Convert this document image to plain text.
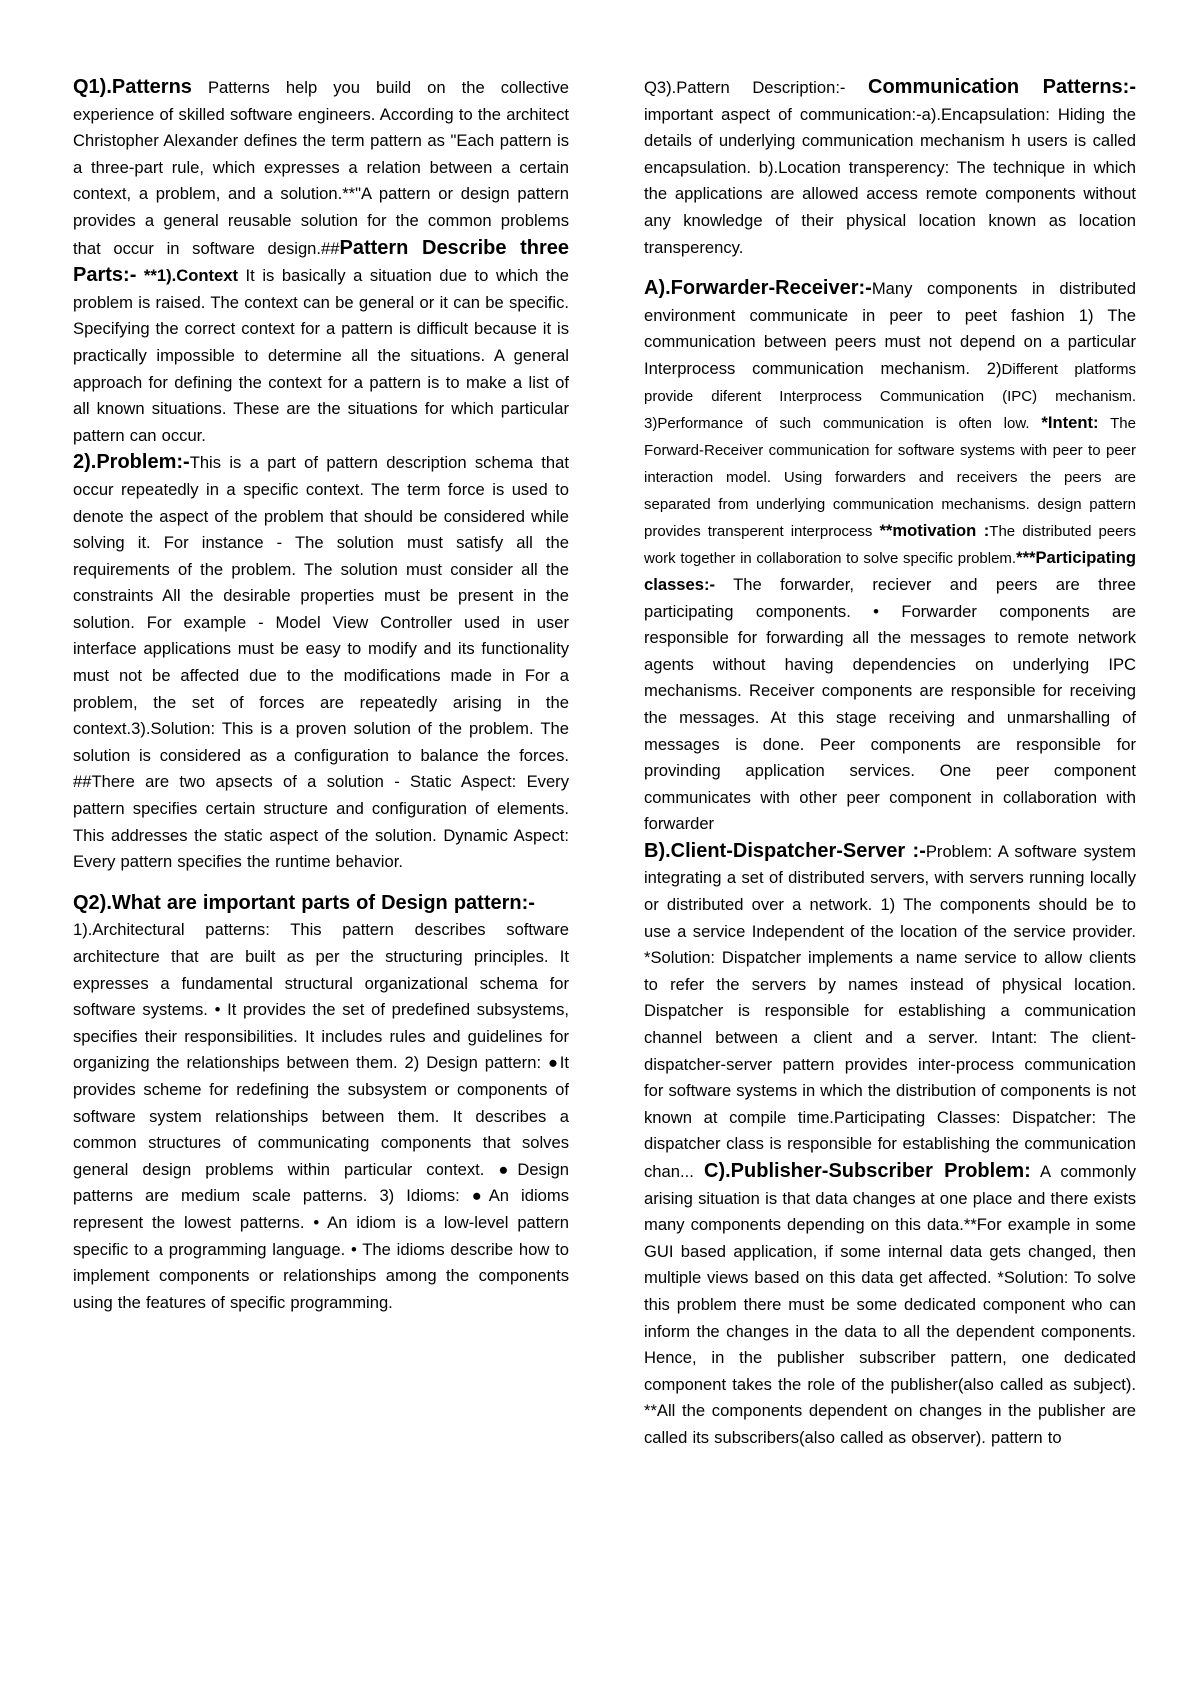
Q1).Patterns Patterns help you build on the collective experience of skilled software engineers. According to the architect Christopher Alexander defines the term pattern as "Each pattern is a three-part rule, which expresses a relation between a certain context, a problem, and a solution.**"A pattern or design pattern provides a general reusable solution for the common problems that occur in software design.##Pattern Describe three Parts:- **1).Context It is basically a situation due to which the problem is raised. The context can be general or it can be specific. Specifying the correct context for a pattern is difficult because it is practically impossible to determine all the situations. A general approach for defining the context for a pattern is to make a list of all known situations. These are the situations for which particular pattern can occur.

2).Problem:-This is a part of pattern description schema that occur repeatedly in a specific context. The term force is used to denote the aspect of the problem that should be considered while solving it. For instance - The solution must satisfy all the requirements of the problem. The solution must consider all the constraints All the desirable properties must be present in the solution. For example - Model View Controller used in user interface applications must be easy to modify and its functionality must not be affected due to the modifications made in For a problem, the set of forces are repeatedly arising in the context.3).Solution: This is a proven solution of the problem. The solution is considered as a configuration to balance the forces. ##There are two apsects of a solution - Static Aspect: Every pattern specifies certain structure and configuration of elements. This addresses the static aspect of the solution. Dynamic Aspect: Every pattern specifies the runtime behavior.

Q2).What are important parts of Design pattern:-
1).Architectural patterns: This pattern describes software architecture that are built as per the structuring principles. It expresses a fundamental structural organizational schema for software systems. • It provides the set of predefined subsystems, specifies their responsibilities. It includes rules and guidelines for organizing the relationships between them. 2) Design pattern: ●It provides scheme for redefining the subsystem or components of software system relationships between them. It describes a common structures of communicating components that solves general design problems within particular context. ●Design patterns are medium scale patterns. 3) Idioms: ●An idioms represent the lowest patterns. • An idiom is a low-level pattern specific to a programming language. • The idioms describe how to implement components or relationships among the components using the features of specific programming.

Q3).Pattern Description:- Communication Patterns:- important aspect of communication:-a).Encapsulation: Hiding the details of underlying communication mechanism h users is called encapsulation. b).Location transperency: The technique in which the applications are allowed access remote components without any knowledge of their physical location known as location transperency.

A).Forwarder-Receiver:-Many components in distributed environment communicate in peer to peet fashion 1) The communication between peers must not depend on a particular Interprocess communication mechanism. 2)Different platforms provide diferent Interprocess Communication (IPC) mechanism. 3)Performance of such communication is often low. *Intent: The Forward-Receiver communication for software systems with peer to peer interaction model. Using forwarders and receivers the peers are separated from underlying communication mechanisms. design pattern provides transperent interprocess **motivation :The distributed peers work together in collaboration to solve specific problem.***Participating classes:- The forwarder, reciever and peers are three participating components. • Forwarder components are responsible for forwarding all the messages to remote network agents without having dependencies on underlying IPC mechanisms. Receiver components are responsible for receiving the messages. At this stage receiving and unmarshalling of messages is done. Peer components are responsible for provinding application services. One peer component communicates with other peer component in collaboration with forwarder

B).Client-Dispatcher-Server :-Problem: A software system integrating a set of distributed servers, with servers running locally or distributed over a network. 1) The components should be to use a service Independent of the location of the service provider. *Solution: Dispatcher implements a name service to allow clients to refer the servers by names instead of physical location. Dispatcher is responsible for establishing a communication channel between a client and a server. Intant: The client-dispatcher-server pattern provides inter-process communication for software systems in which the distribution of components is not known at compile time.Participating Classes: Dispatcher: The dispatcher class is responsible for establishing the communication chan... C).Publisher-Subscriber Problem: A commonly arising situation is that data changes at one place and there exists many components depending on this data.**For example in some GUI based application, if some internal data gets changed, then multiple views based on this data get affected. *Solution: To solve this problem there must be some dedicated component who can inform the changes in the data to all the dependent components. Hence, in the publisher subscriber pattern, one dedicated component takes the role of the publisher(also called as subject). **All the components dependent on changes in the publisher are called its subscribers(also called as observer). pattern to
